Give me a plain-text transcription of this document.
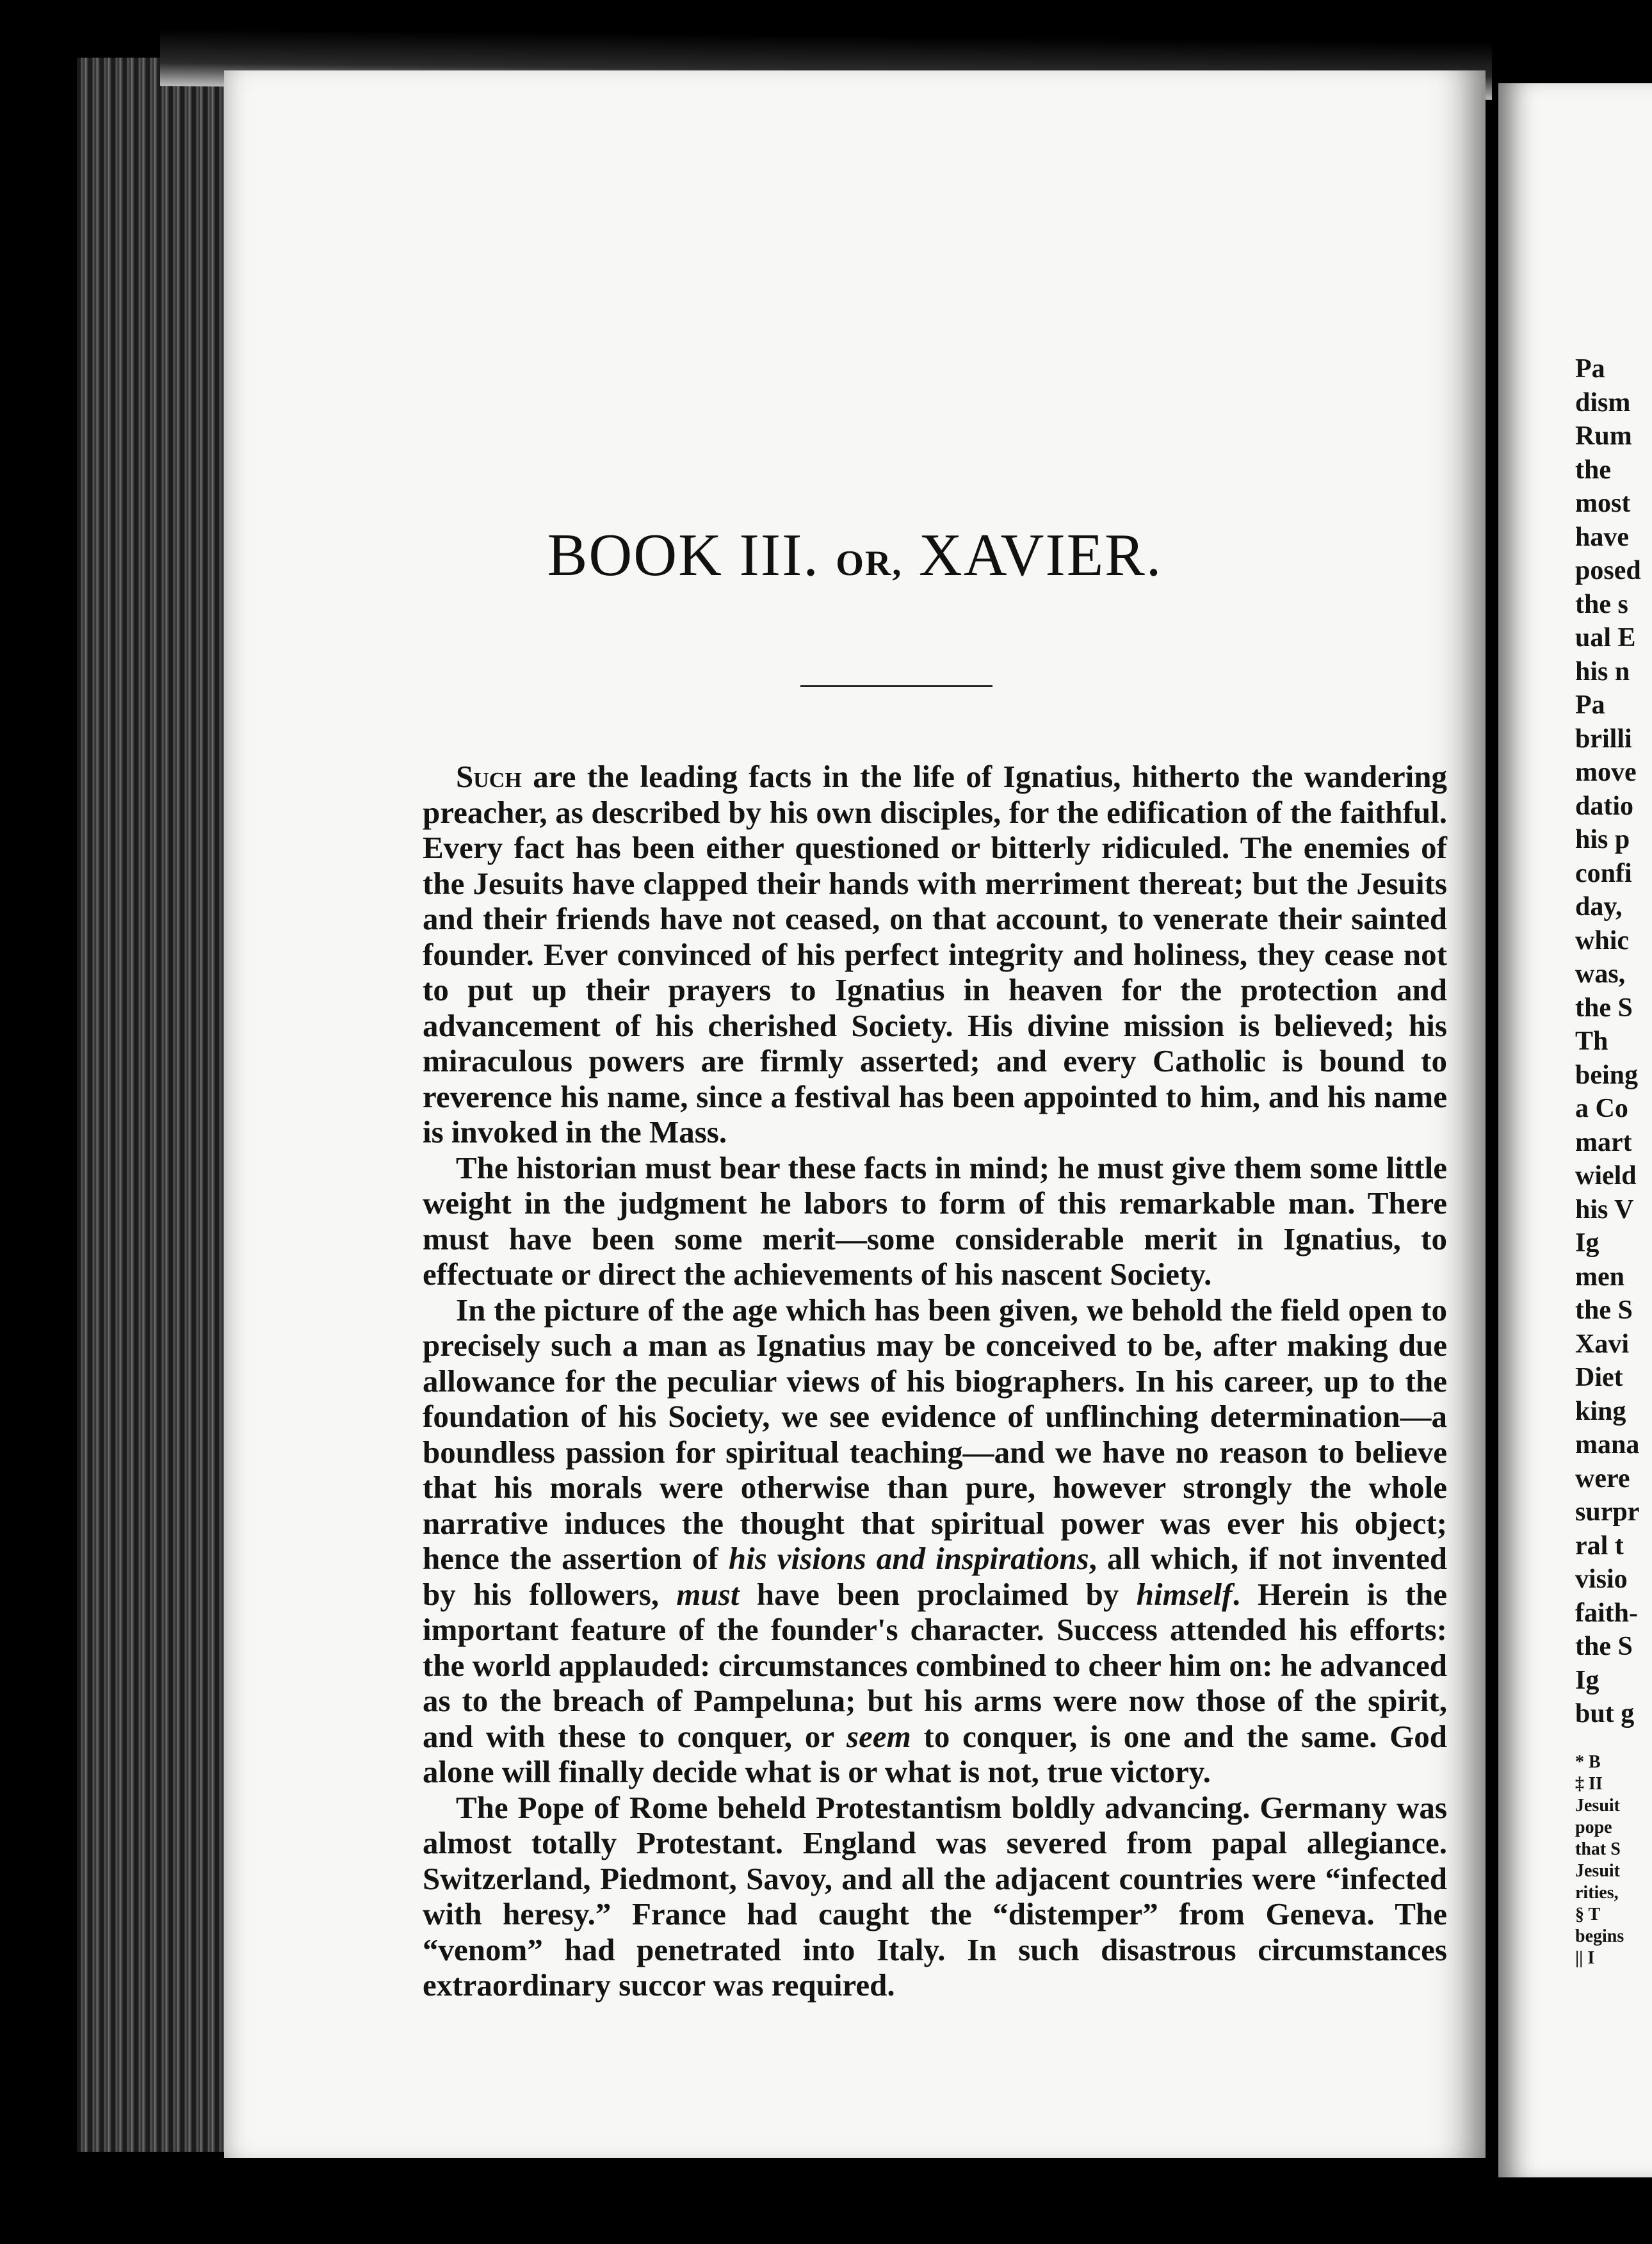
BOOK III. OR, XAVIER.

Such are the leading facts in the life of Ignatius, hitherto the wandering preacher, as described by his own disciples, for the edification of the faithful. Every fact has been either questioned or bitterly ridiculed. The enemies of the Jesuits have clapped their hands with merriment thereat; but the Jesuits and their friends have not ceased, on that account, to venerate their sainted founder. Ever convinced of his perfect integrity and holiness, they cease not to put up their prayers to Ignatius in heaven for the protection and advancement of his cherished Society. His divine mission is believed; his miraculous powers are firmly asserted; and every Catholic is bound to reverence his name, since a festival has been appointed to him, and his name is invoked in the Mass.

The historian must bear these facts in mind; he must give them some little weight in the judgment he labors to form of this remarkable man. There must have been some merit—some considerable merit in Ignatius, to effectuate or direct the achievements of his nascent Society.

In the picture of the age which has been given, we behold the field open to precisely such a man as Ignatius may be conceived to be, after making due allowance for the peculiar views of his biographers. In his career, up to the foundation of his Society, we see evidence of unflinching determination—a boundless passion for spiritual teaching—and we have no reason to believe that his morals were otherwise than pure, however strongly the whole narrative induces the thought that spiritual power was ever his object; hence the assertion of his visions and inspirations, all which, if not invented by his followers, must have been proclaimed by himself. Herein is the important feature of the founder's character. Success attended his efforts: the world applauded: circumstances combined to cheer him on: he advanced as to the breach of Pampeluna; but his arms were now those of the spirit, and with these to conquer, or seem to conquer, is one and the same. God alone will finally decide what is or what is not, true victory.

The Pope of Rome beheld Protestantism boldly advancing. Germany was almost totally Protestant. England was severed from papal allegiance. Switzerland, Piedmont, Savoy, and all the adjacent countries were “infected with heresy.” France had caught the “distemper” from Geneva. The “venom” had penetrated into Italy. In such disastrous circumstances extraordinary succor was required.

Pa
dism
Rum
the
most
have
posed
the s
ual E
his n
Pa
brilli
move
datio
his p
confi
day,
whic
was,
the S
Th
being
a Co
mart
wield
his V
Ig
men
the S
Xavi
Diet
king
mana
were
surpr
ral t
visio
faith-
the S
Ig
but g
* B
‡ II
Jesuit
pope
that S
Jesuit
rities,
§ T
begins
|| I
